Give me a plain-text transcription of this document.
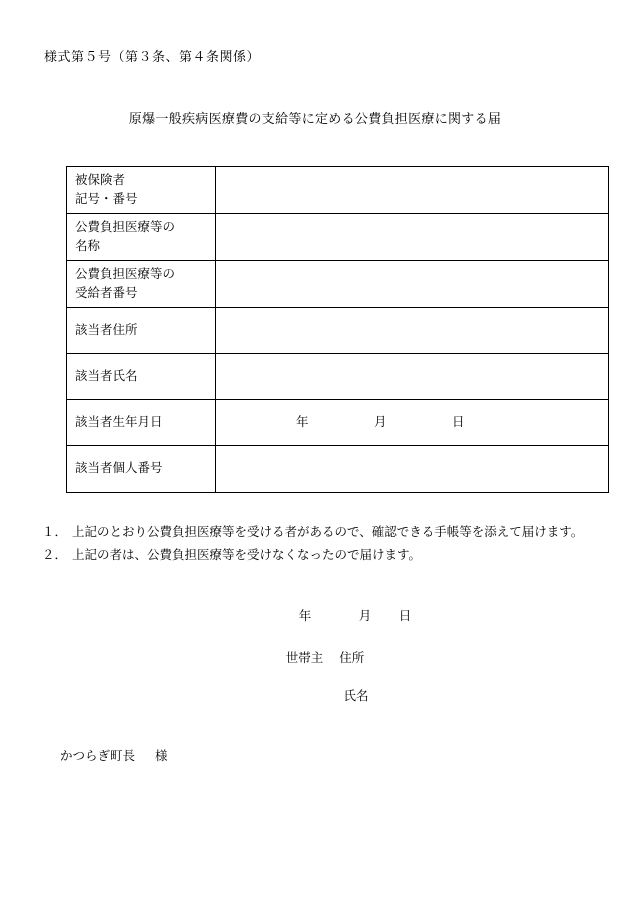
様式第５号（第３条、第４条関係）
原爆一般疾病医療費の支給等に定める公費負担医療に関する届
被保険者
記号・番号	

公費負担医療等の
名称	

公費負担医療等の
受給者番号	

該当者住所	

該当者氏名	

該当者生年月日	年 月 日

該当者個人番号	

１． 上記のとおり公費負担医療等を受ける者があるので、確認できる手帳等を添えて届けます。
２． 上記の者は、公費負担医療等を受けなくなったので届けます。
年	月 日
世帯主 住所
氏名
かつらぎ町長 様
